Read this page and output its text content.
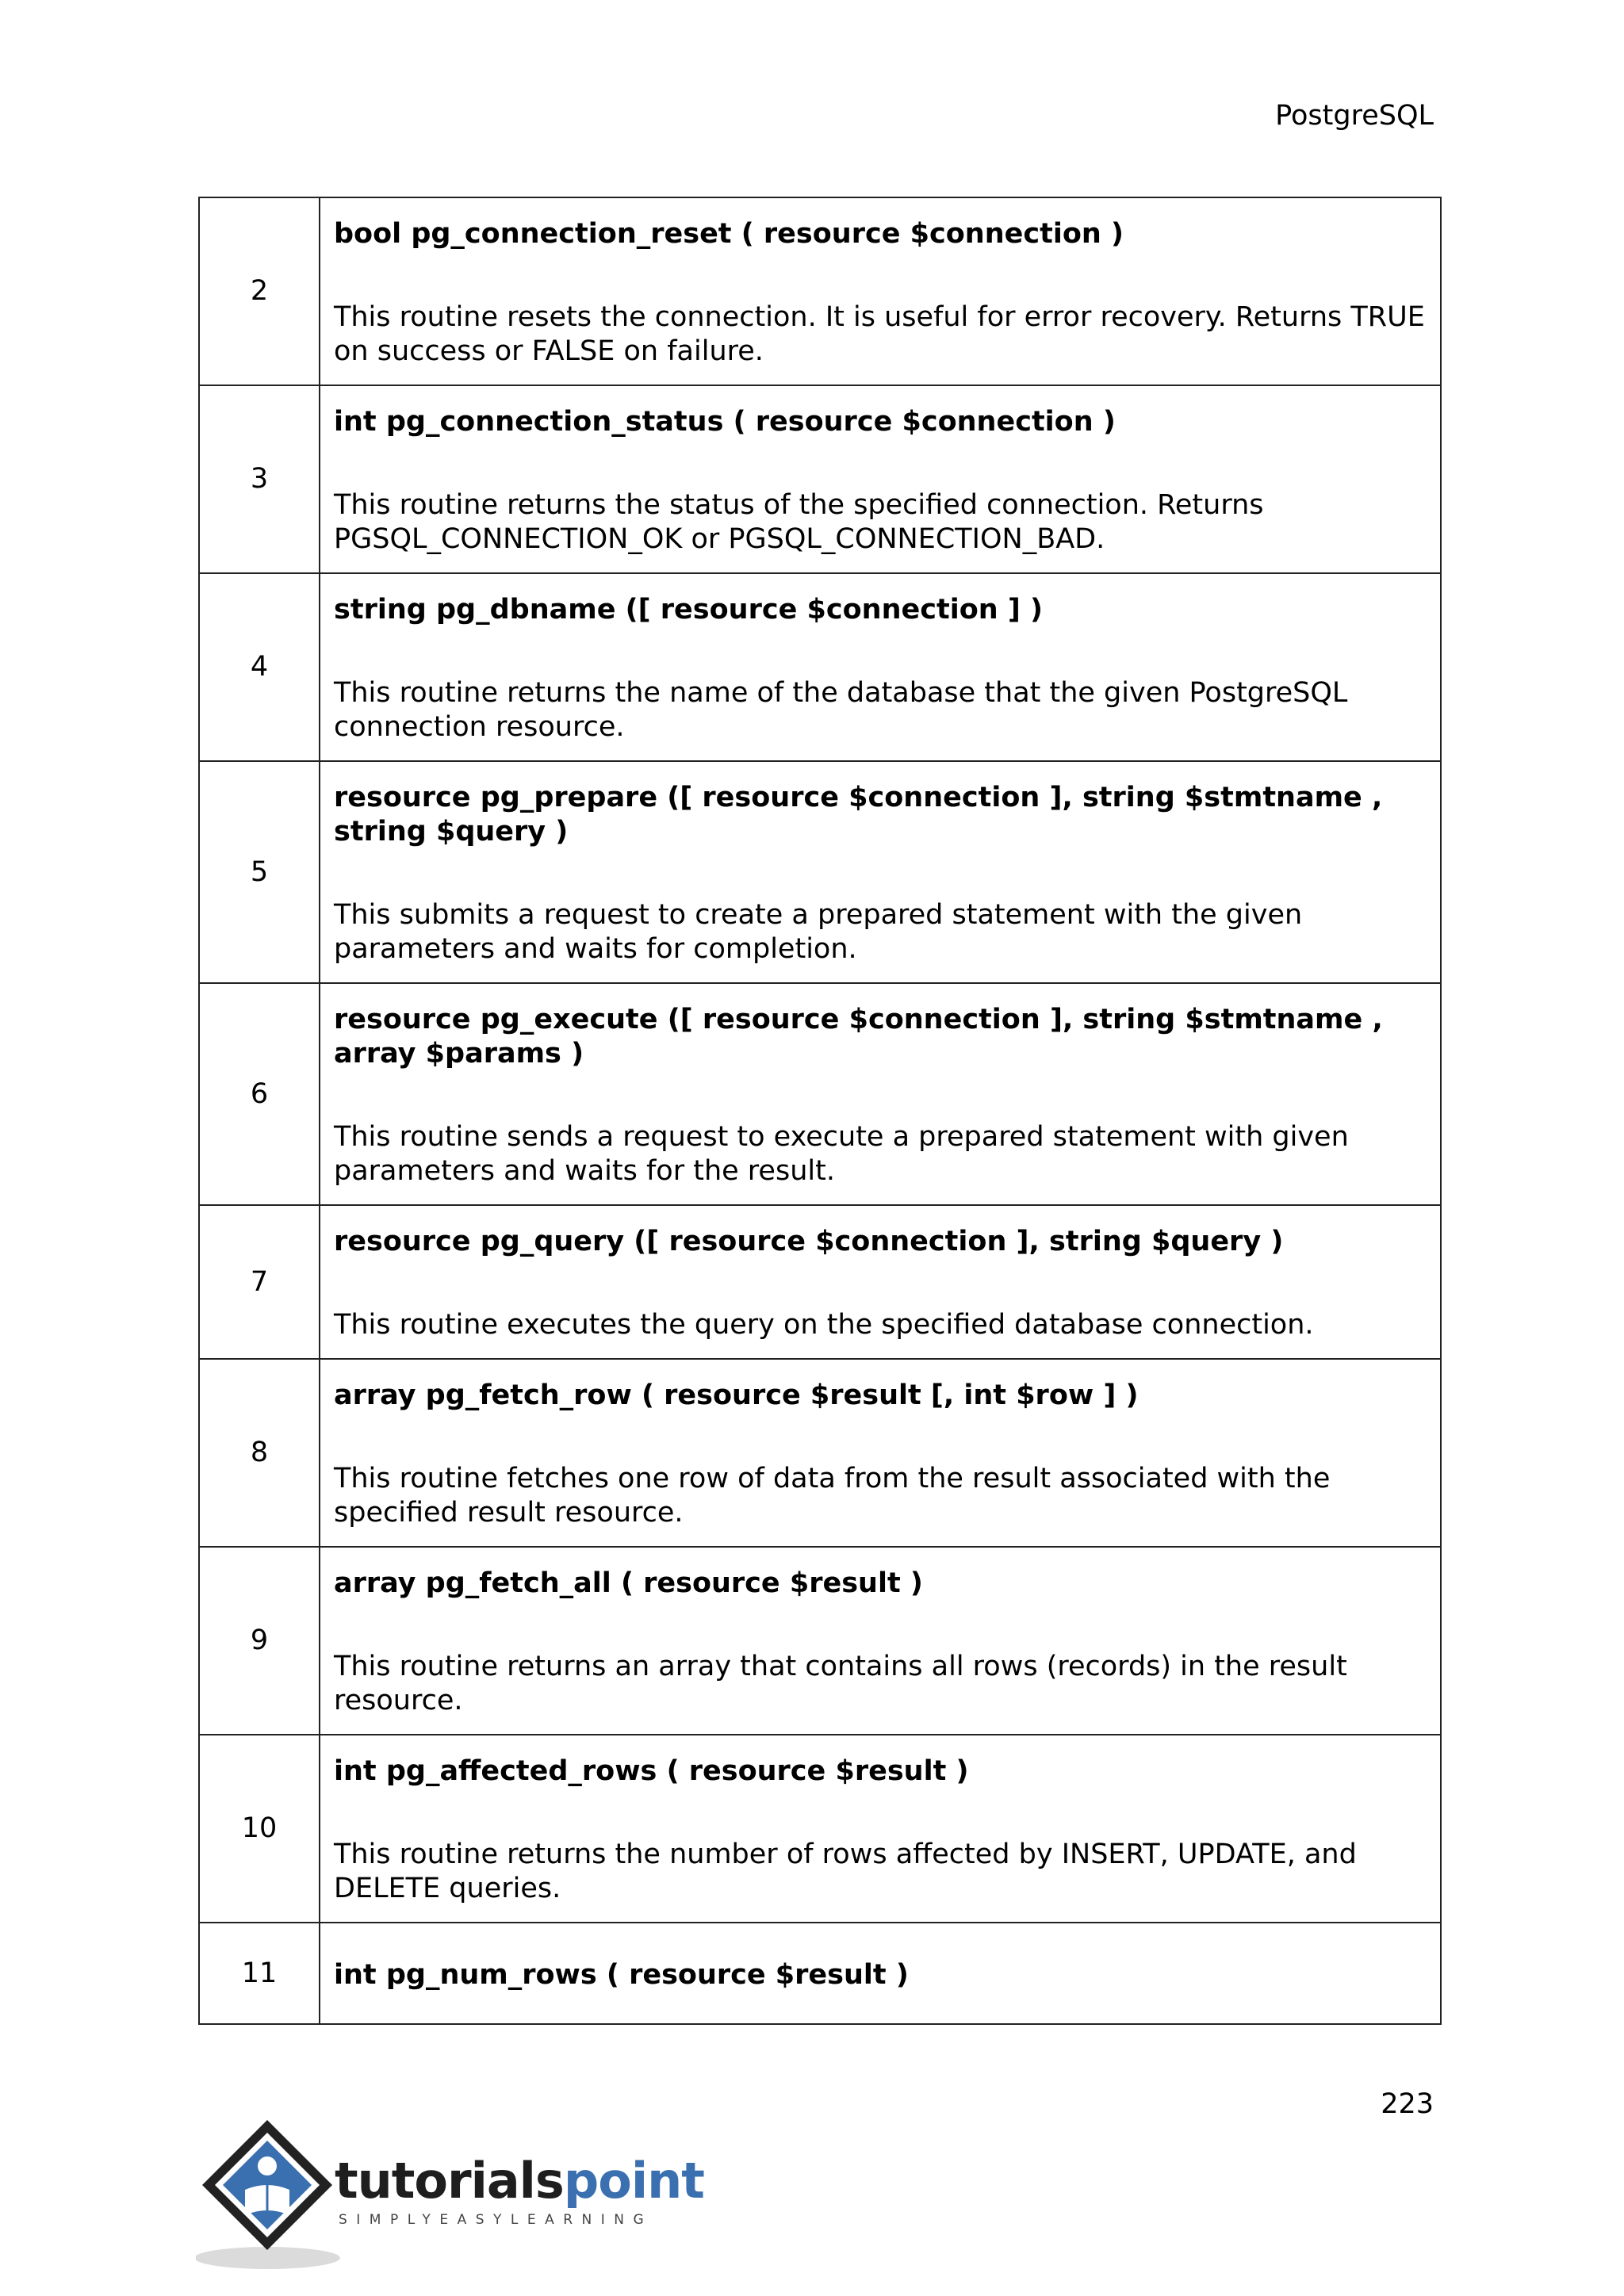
PostgreSQL
2	bool pg_connection_reset ( resource $connection )
This routine resets the connection. It is useful for error recovery. Returns TRUE on success or FALSE on failure.

3	int pg_connection_status ( resource $connection )
This routine returns the status of the specified connection. Returns PGSQL_CONNECTION_OK or PGSQL_CONNECTION_BAD.

4	string pg_dbname ([ resource $connection ] )
This routine returns the name of the database that the given PostgreSQL connection resource.

5	resource pg_prepare ([ resource $connection ], string $stmtname , string $query )
This submits a request to create a prepared statement with the given parameters and waits for completion.

6	resource pg_execute ([ resource $connection ], string $stmtname , array $params )
This routine sends a request to execute a prepared statement with given parameters and waits for the result.

7	resource pg_query ([ resource $connection ], string $query )
This routine executes the query on the specified database connection.

8	array pg_fetch_row ( resource $result [, int $row ] )
This routine fetches one row of data from the result associated with the specified result resource.

9	array pg_fetch_all ( resource $result )
This routine returns an array that contains all rows (records) in the result resource.

10	int pg_affected_rows ( resource $result )
This routine returns the number of rows affected by INSERT, UPDATE, and DELETE queries.

11	int pg_num_rows ( resource $result )
223
tutorialspoint
SIMPLYEASYLEARNING
